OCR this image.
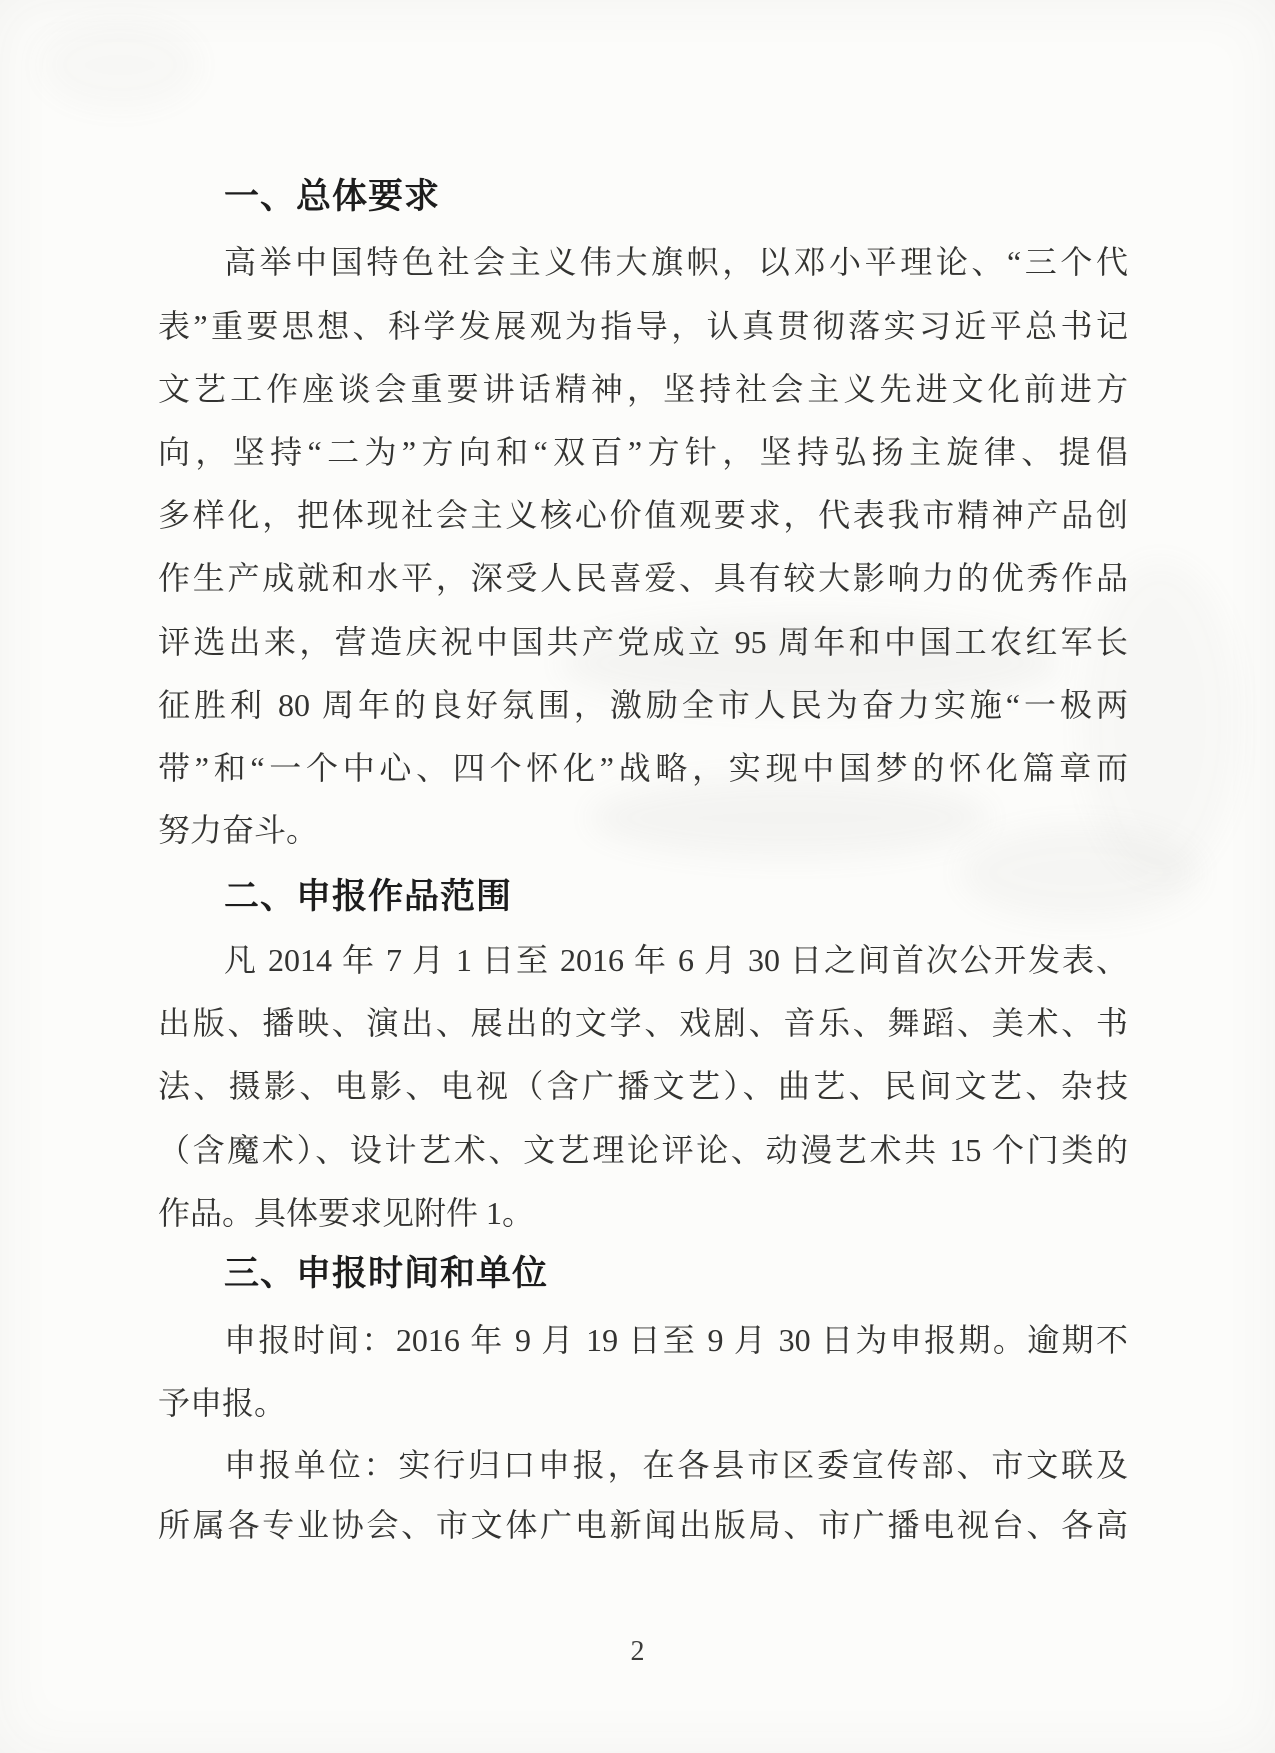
一、总体要求
高举中国特色社会主义伟大旗帜，以邓小平理论、“三个代
表”重要思想、科学发展观为指导，认真贯彻落实习近平总书记
文艺工作座谈会重要讲话精神，坚持社会主义先进文化前进方
向，坚持“二为”方向和“双百”方针，坚持弘扬主旋律、提倡
多样化，把体现社会主义核心价值观要求，代表我市精神产品创
作生产成就和水平，深受人民喜爱、具有较大影响力的优秀作品
评选出来，营造庆祝中国共产党成立 95 周年和中国工农红军长
征胜利 80 周年的良好氛围，激励全市人民为奋力实施“一极两
带”和“一个中心、四个怀化”战略，实现中国梦的怀化篇章而
努力奋斗。
二、申报作品范围
凡 2014 年 7 月 1 日至 2016 年 6 月 30 日之间首次公开发表、
出版、播映、演出、展出的文学、戏剧、音乐、舞蹈、美术、书
法、摄影、电影、电视（含广播文艺）、曲艺、民间文艺、杂技
（含魔术）、设计艺术、文艺理论评论、动漫艺术共 15 个门类的
作品。具体要求见附件 1。
三、申报时间和单位
申报时间：2016 年 9 月 19 日至 9 月 30 日为申报期。逾期不
予申报。
申报单位：实行归口申报，在各县市区委宣传部、市文联及
所属各专业协会、市文体广电新闻出版局、市广播电视台、各高
2
